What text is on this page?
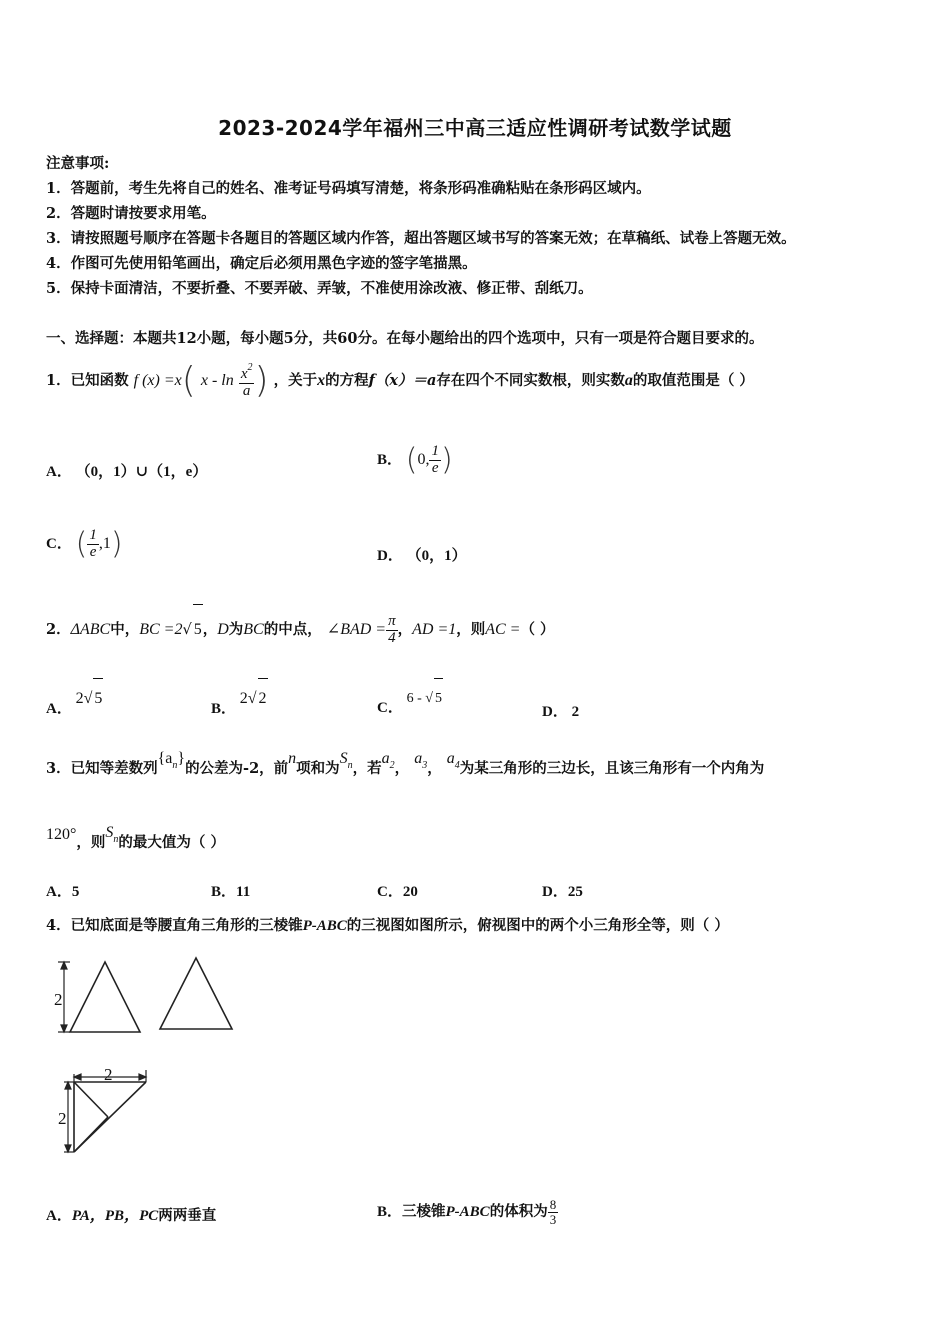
2023-2024学年福州三中高三适应性调研考试数学试题
注意事项:
1．答题前，考生先将自己的姓名、准考证号码填写清楚，将条形码准确粘贴在条形码区域内。
2．答题时请按要求用笔。
3．请按照题号顺序在答题卡各题目的答题区域内作答，超出答题区域书写的答案无效；在草稿纸、试卷上答题无效。
4．作图可先使用铅笔画出，确定后必须用黑色字迹的签字笔描黑。
5．保持卡面清洁，不要折叠、不要弄破、弄皱，不准使用涂改液、修正带、刮纸刀。
一、选择题：本题共12小题，每小题5分，共60分。在每小题给出的四个选项中，只有一项是符合题目要求的。
1．已知函数 f (x) =x( x - $\ln \frac{x^2}{a}$ ) ，关于x的方程f（x）＝a存在四个不同实数根，则实数a的取值范围是（ ）
A． （0，1）∪（1，e）
B． (0, $\frac{1}{e}$ )
C． ( $\frac{1}{e} ,1$)	D． （0，1）
2．ΔABC中，BC =2√ 5，D为BC的中点， ∠BAD = $\frac{\pi}{4}$ ，AD =1，则AC =（ ）
A． 2√ 5
B． 2√ 2
C． 6 - √ 5
D． 2
3．已知等差数列$\{a_n\}$的公差为-2，前n项和为$S_n$，若$a_2$， $a_3$， $a_4$为某三角形的三边长，且该三角形有一个内角为
120°，则$S_n$的最大值为（ ）
A．5	B．11	C．20	D．25
4．已知底面是等腰直角三角形的三棱锥P-ABC的三视图如图所示，俯视图中的两个小三角形全等，则（ ）
2
2
2
A．PA，PB，PC两两垂直	B．三棱锥P-ABC的体积为 $\frac{8}{3}$
